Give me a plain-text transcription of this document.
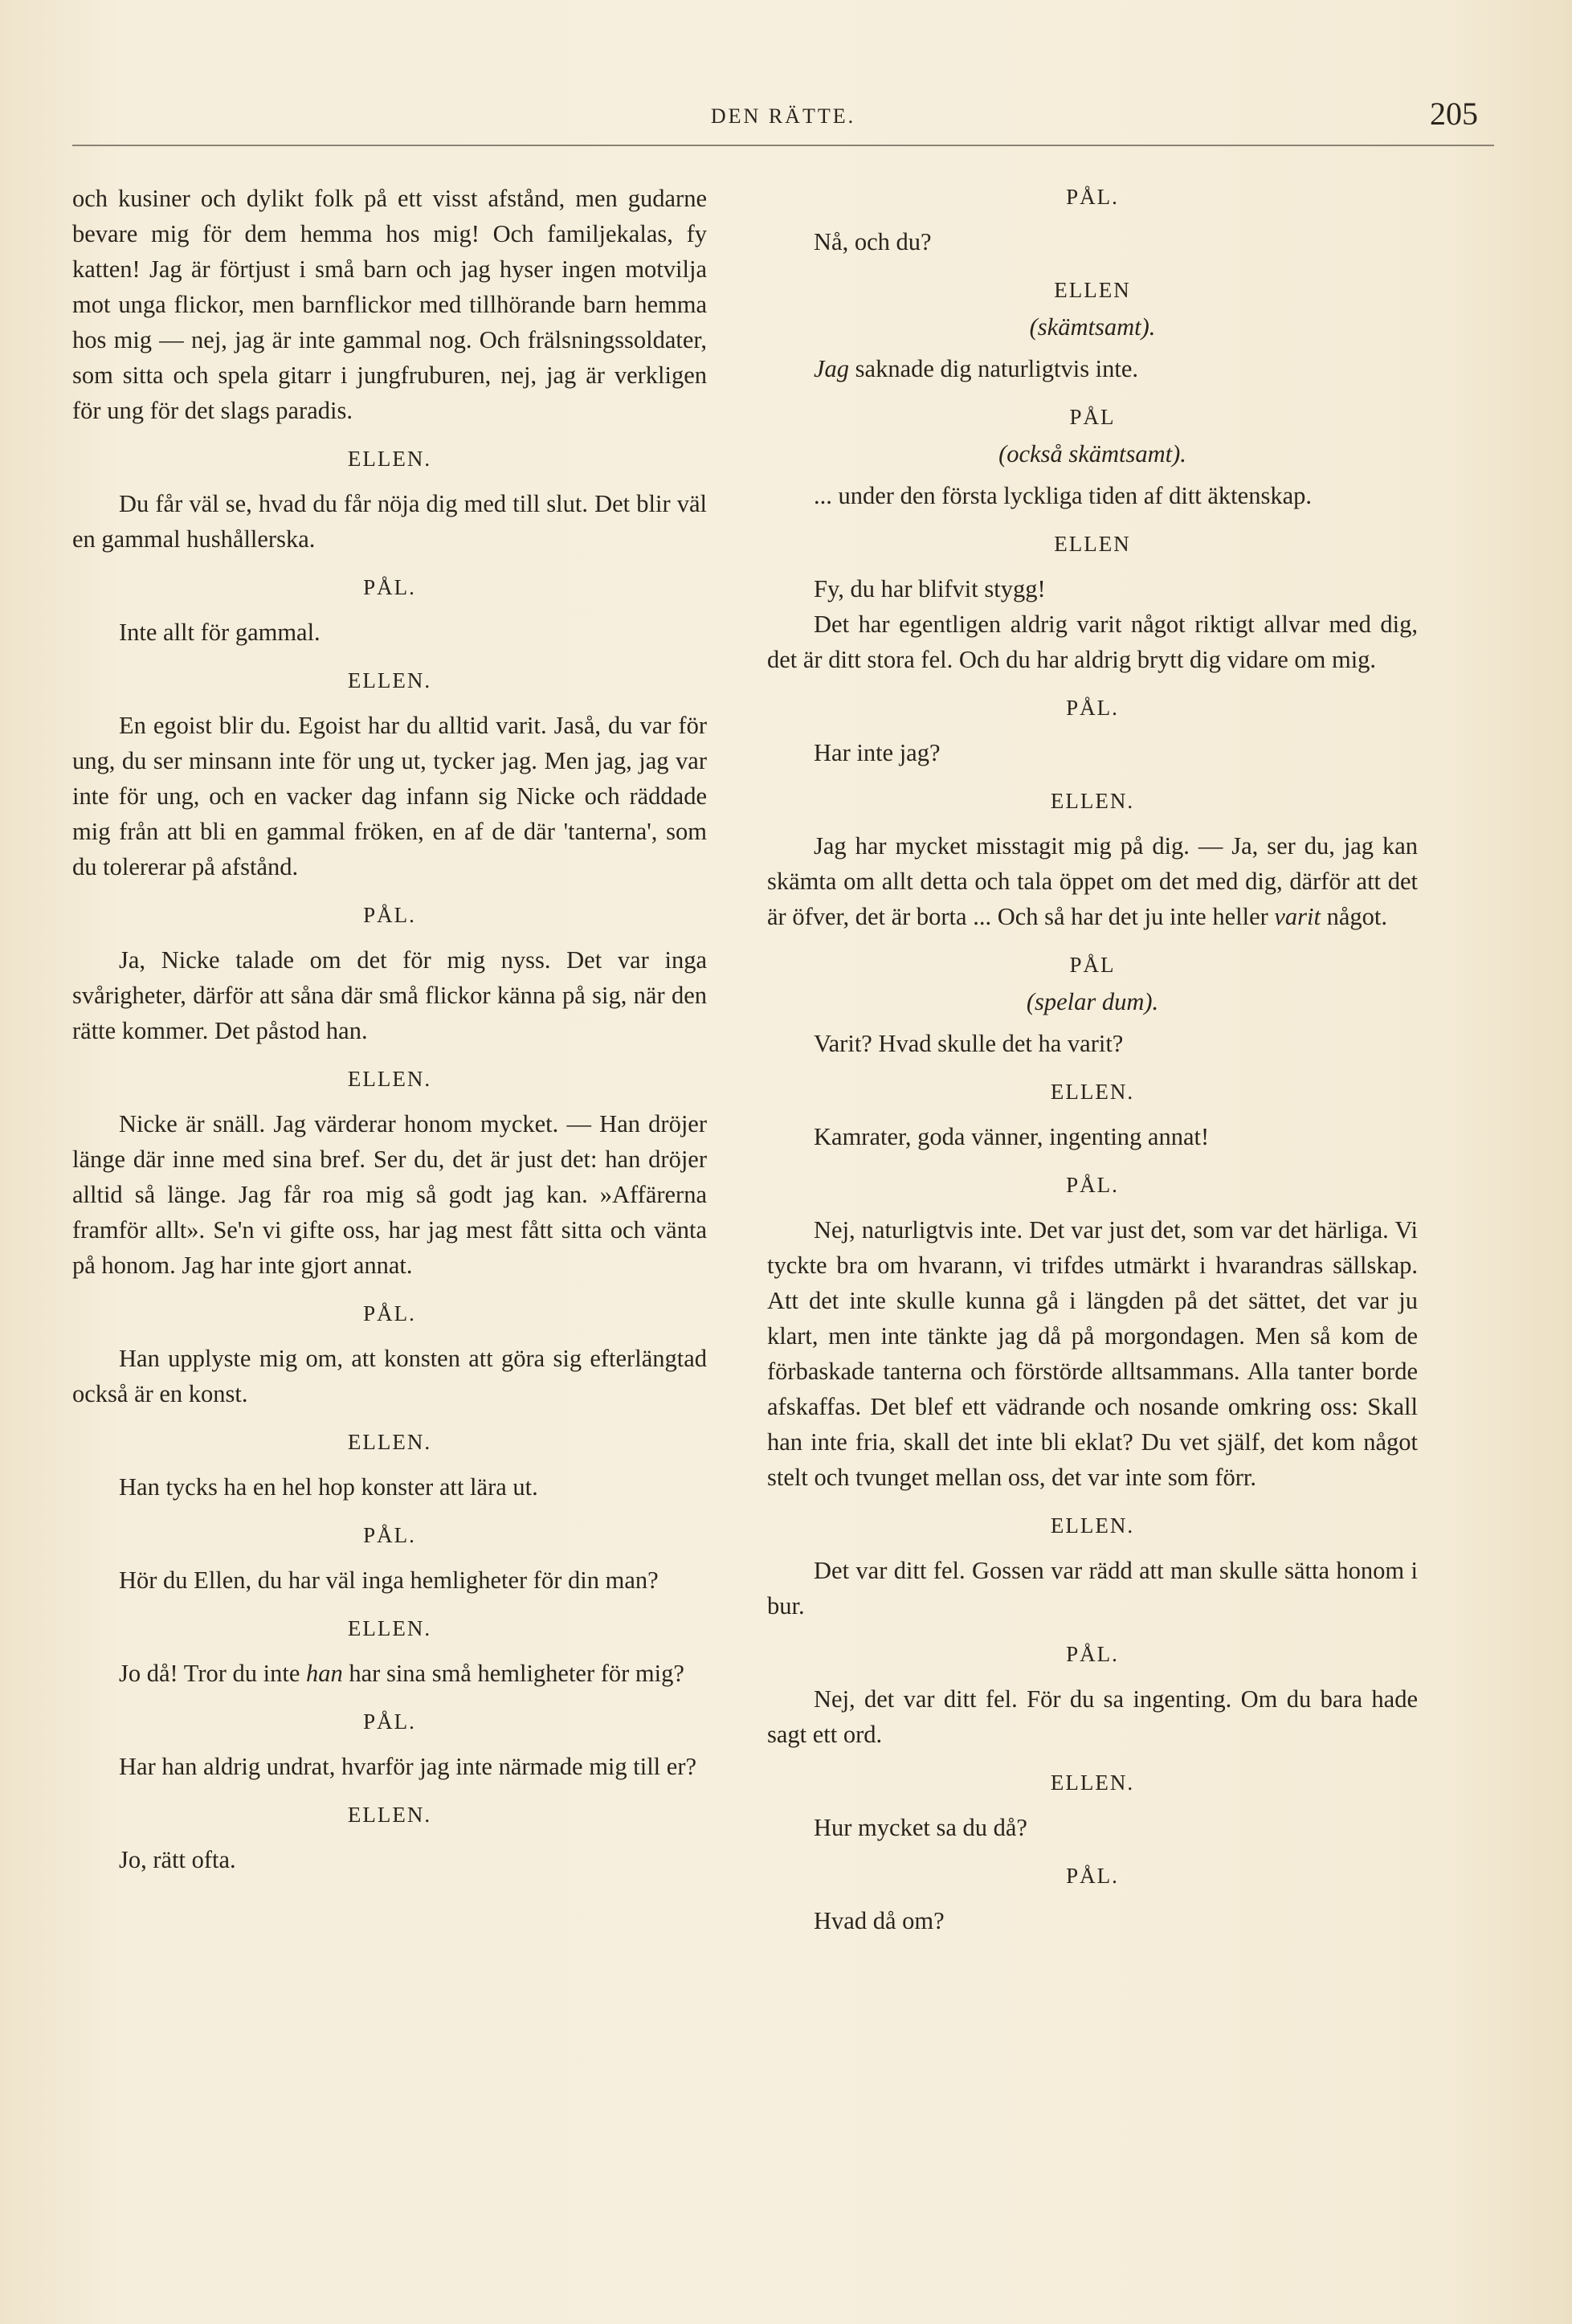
DEN RÄTTE.	205

och kusiner och dylikt folk på ett visst afstånd, men gudarne bevare mig för dem hemma hos mig! Och familjekalas, fy katten! Jag är förtjust i små barn och jag hyser ingen motvilja mot unga flickor, men barnflickor med tillhörande barn hemma hos mig — nej, jag är inte gammal nog. Och frälsningssoldater, som sitta och spela gitarr i jungfruburen, nej, jag är verkligen för ung för det slags paradis.

ELLEN.

Du får väl se, hvad du får nöja dig med till slut. Det blir väl en gammal hushållerska.

PÅL.

Inte allt för gammal.

ELLEN.

En egoist blir du. Egoist har du alltid varit. Jaså, du var för ung, du ser minsann inte för ung ut, tycker jag. Men jag, jag var inte för ung, och en vacker dag infann sig Nicke och räddade mig från att bli en gammal fröken, en af de där 'tanterna', som du tolererar på afstånd.

PÅL.

Ja, Nicke talade om det för mig nyss. Det var inga svårigheter, därför att såna där små flickor känna på sig, när den rätte kommer. Det påstod han.

ELLEN.

Nicke är snäll. Jag värderar honom mycket. — Han dröjer länge där inne med sina bref. Ser du, det är just det: han dröjer alltid så länge. Jag får roa mig så godt jag kan. »Affärerna framför allt». Se'n vi gifte oss, har jag mest fått sitta och vänta på honom. Jag har inte gjort annat.

PÅL.

Han upplyste mig om, att konsten att göra sig efterlängtad också är en konst.

ELLEN.

Han tycks ha en hel hop konster att lära ut.

PÅL.

Hör du Ellen, du har väl inga hemligheter för din man?

ELLEN.

Jo då! Tror du inte han har sina små hemligheter för mig?

PÅL.

Har han aldrig undrat, hvarför jag inte närmade mig till er?

ELLEN.

Jo, rätt ofta.

PÅL.

Nå, och du?

ELLEN
(skämtsamt).

Jag saknade dig naturligtvis inte.

PÅL
(också skämtsamt).

... under den första lyckliga tiden af ditt äktenskap.

ELLEN

Fy, du har blifvit stygg!

Det har egentligen aldrig varit något riktigt allvar med dig, det är ditt stora fel. Och du har aldrig brytt dig vidare om mig.

PÅL.

Har inte jag?

ELLEN.

Jag har mycket misstagit mig på dig. — Ja, ser du, jag kan skämta om allt detta och tala öppet om det med dig, därför att det är öfver, det är borta ... Och så har det ju inte heller varit något.

PÅL
(spelar dum).

Varit? Hvad skulle det ha varit?

ELLEN.

Kamrater, goda vänner, ingenting annat!

PÅL.

Nej, naturligtvis inte. Det var just det, som var det härliga. Vi tyckte bra om hvarann, vi trifdes utmärkt i hvarandras sällskap. Att det inte skulle kunna gå i längden på det sättet, det var ju klart, men inte tänkte jag då på morgondagen. Men så kom de förbaskade tanterna och förstörde alltsammans. Alla tanter borde afskaffas. Det blef ett vädrande och nosande omkring oss: Skall han inte fria, skall det inte bli eklat? Du vet själf, det kom något stelt och tvunget mellan oss, det var inte som förr.

ELLEN.

Det var ditt fel. Gossen var rädd att man skulle sätta honom i bur.

PÅL.

Nej, det var ditt fel. För du sa ingenting. Om du bara hade sagt ett ord.

ELLEN.

Hur mycket sa du då?

PÅL.

Hvad då om?
